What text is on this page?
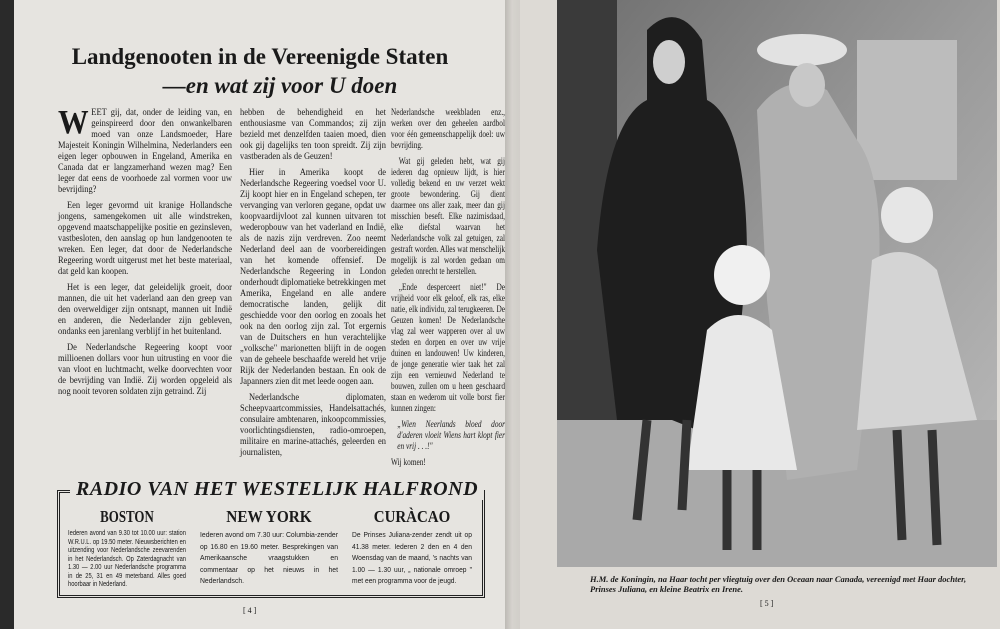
Landgenooten in de Vereenigde Staten
—en wat zij voor U doen

WEET gij, dat, onder de leiding van, en geinspireerd door den onwankelbaren moed van onze Landsmoeder, Hare Majesteit Koningin Wilhelmina, Nederlanders een eigen leger opbouwen in Engeland, Amerika en Canada dat er langzamerhand wezen mag? Een leger dat eens de voorhoede zal vormen voor uw bevrijding?

Een leger gevormd uit kranige Hollandsche jongens, samengekomen uit alle windstreken, opgevend maatschappelijke positie en gezinsleven, vastbesloten, den aanslag op hun landgenooten te wreken. Een leger, dat door de Nederlandsche Regeering wordt uitgerust met het beste materiaal, dat geld kan koopen.

Het is een leger, dat geleidelijk groeit, door mannen, die uit het vaderland aan den greep van den overweldiger zijn ontsnapt, mannen uit Indië en anderen, die Nederlander zijn gebleven, ondanks een jarenlang verblijf in het buitenland.

De Nederlandsche Regeering koopt voor millioenen dollars voor hun uitrusting en voor die van vloot en luchtmacht, welke doorvechten voor de bevrijding van Indië. Zij worden opgeleid als nog nooit tevoren soldaten zijn getraind. Zij

hebben de behendigheid en het enthousiasme van Commandos; zij zijn bezield met denzelfden taaien moed, dien ook gij dagelijks ten toon spreidt. Zij zijn vastberaden als de Geuzen!

Hier in Amerika koopt de Nederlandsche Regeering voedsel voor U. Zij koopt hier en in Engeland schepen, ter vervanging van verloren gegane, opdat uw koopvaardijvloot zal kunnen uitvaren tot wederopbouw van het vaderland en Indië, als de nazis zijn verdreven. Zoo neemt Nederland deel aan de voorbereidingen van het komende offensief. De Nederlandsche Regeering in London onderhoudt diplomatieke betrekkingen met Amerika, Engeland en alle andere democratische landen, gelijk dit geschiedde voor den oorlog en zooals het ook na den oorlog zijn zal. Tot ergernis van de Duitschers en hun verachtelijke „volksche" marionetten blijft in de oogen van de geheele beschaafde wereld het vrije Rijk der Nederlanden bestaan. En ook de Japanners zien dit met leede oogen aan.

Nederlandsche diplomaten, Scheepvaartcommissies, Handelsattachés, consulaire ambtenaren, inkoopcommissies, voorlichtingsdiensten, radio-omroepen, militaire en marine-attachés, geleerden en journalisten,

Nederlandsche weekbladen enz., werken over den geheelen aardbol voor één gemeenschappelijk doel: uw bevrijding.

Wat gij geleden hebt, wat gij iederen dag opnieuw lijdt, is hier volledig bekend en uw verzet wekt groote bewondering. Gij dient daarmee ons aller zaak, meer dan gij misschien beseft. Elke nazimisdaad, elke diefstal waarvan het Nederlandsche volk zal getuigen, zal gestraft worden. Alles wat menschelijk mogelijk is zal worden gedaan om geleden onrecht te herstellen.

„Ende desperceert niet!" De vrijheid voor elk geloof, elk ras, elke natie, elk individu, zal terugkeeren. De Geuzen komen! De Nederlandsche vlag zal weer wapperen over al uw steden en dorpen en over uw vrije duinen en landouwen! Uw kinderen, de jonge generatie wier taak het zal zijn een vernieuwd Nederland te bouwen, zullen om u heen geschaard staan en wederom uit volle borst fier kunnen zingen:

„Wien Neerlands bloed door d'aderen vloeit Wiens hart klopt fier en vrij . . .!"

Wij komen!

RADIO VAN HET WESTELIJK HALFROND
BOSTON
Iederen avond van 9.30 tot 10.00 uur: station W.R.U.L. op 19.50 meter. Nieuwsberichten en uitzending voor Nederlandsche zeevarenden in het Nederlandsch. Op Zaterdagnacht van 1.30 — 2.00 uur Nederlandsche programma in de 25, 31 en 49 meterband. Alles goed hoorbaar in Nederland.
NEW YORK
Iederen avond om 7.30 uur: Columbia-zender op 16.80 en 19.60 meter. Besprekingen van Amerikaansche vraagstukken en commentaar op het nieuws in het Nederlandsch.
CURÀCAO
De Prinses Juliana-zender zendt uit op 41.38 meter. Iederen 2 den en 4 den Woensdag van de maand, 's nachts van 1.00 — 1.30 uur, „ nationale omroep " met een programma voor de jeugd.
[ 4 ]
H.M. de Koningin, na Haar tocht per vliegtuig over den Oceaan naar Canada, vereenigd met Haar dochter, Prinses Juliana, en kleine Beatrix en Irene.
[ 5 ]
